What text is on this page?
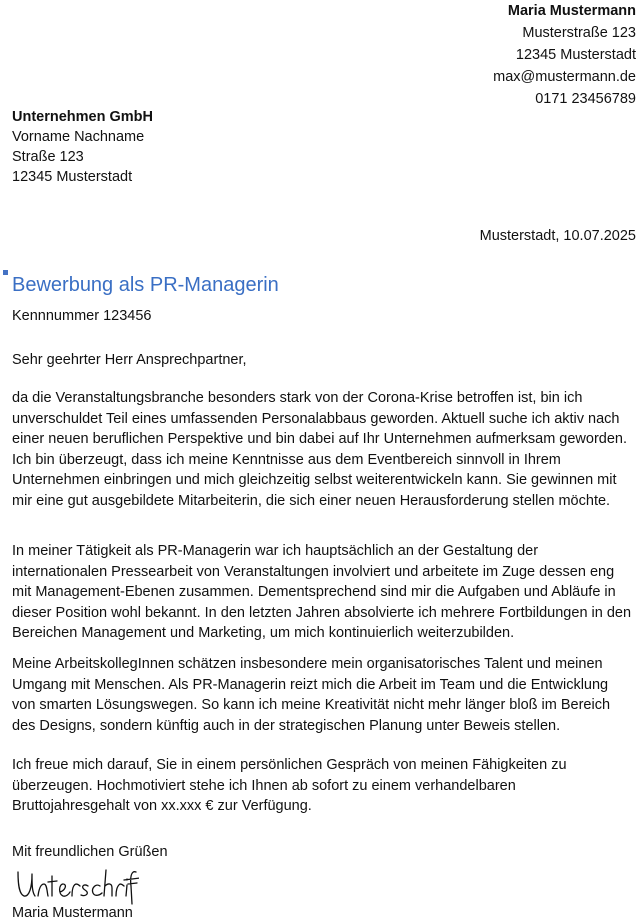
Maria Mustermann
Musterstraße 123
12345 Musterstadt
max@mustermann.de
0171 23456789
Unternehmen GmbH
Vorname Nachname
Straße 123
12345 Musterstadt
Musterstadt, 10.07.2025
Bewerbung als PR-Managerin
Kennnummer 123456
Sehr geehrter Herr Ansprechpartner,

da die Veranstaltungsbranche besonders stark von der Corona-Krise betroffen ist, bin ich unverschuldet Teil eines umfassenden Personalabbaus geworden. Aktuell suche ich aktiv nach einer neuen beruflichen Perspektive und bin dabei auf Ihr Unternehmen aufmerksam geworden. Ich bin überzeugt, dass ich meine Kenntnisse aus dem Eventbereich sinnvoll in Ihrem Unternehmen einbringen und mich gleichzeitig selbst weiterentwickeln kann. Sie gewinnen mit mir eine gut ausgebildete Mitarbeiterin, die sich einer neuen Herausforderung stellen möchte.

In meiner Tätigkeit als PR-Managerin war ich hauptsächlich an der Gestaltung der internationalen Pressearbeit von Veranstaltungen involviert und arbeitete im Zuge dessen eng mit Management-Ebenen zusammen. Dementsprechend sind mir die Aufgaben und Abläufe in dieser Position wohl bekannt. In den letzten Jahren absolvierte ich mehrere Fortbildungen in den Bereichen Management und Marketing, um mich kontinuierlich weiterzubilden.

Meine ArbeitskollegInnen schätzen insbesondere mein organisatorisches Talent und meinen Umgang mit Menschen. Als PR-Managerin reizt mich die Arbeit im Team und die Entwicklung von smarten Lösungswegen. So kann ich meine Kreativität nicht mehr länger bloß im Bereich des Designs, sondern künftig auch in der strategischen Planung unter Beweis stellen.

Ich freue mich darauf, Sie in einem persönlichen Gespräch von meinen Fähigkeiten zu überzeugen. Hochmotiviert stehe ich Ihnen ab sofort zu einem verhandelbaren Bruttojahresgehalt von xx.xxx € zur Verfügung.

Mit freundlichen Grüßen
Maria Mustermann
